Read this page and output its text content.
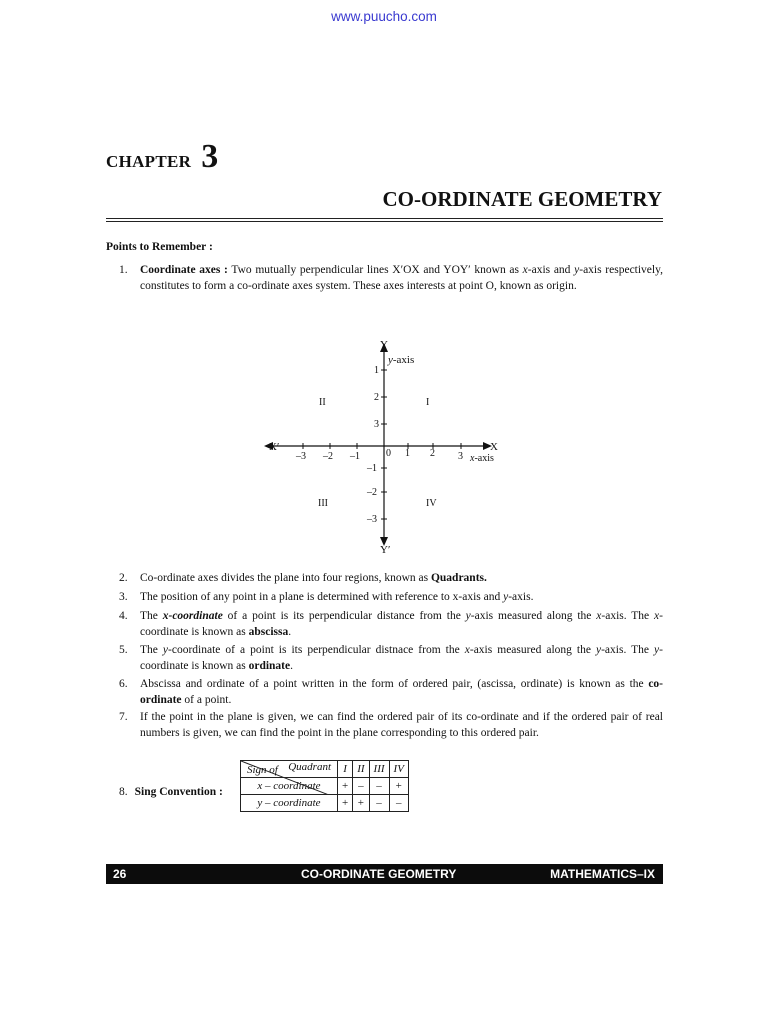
www.puucho.com
CHAPTER 3
CO-ORDINATE GEOMETRY
Points to Remember :
1. Coordinate axes : Two mutually perpendicular lines X′OX and YOY′ known as x-axis and y-axis respectively, constitutes to form a co-ordinate axes system. These axes interests at point O, known as origin.
Y
Y′
X
X′
y-axis
x-axis
0
II	I
III	IV
–3 –2 –1	1 2 3
1
2
3
–1
–2
–3
2. Co-ordinate axes divides the plane into four regions, known as Quadrants.
3. The position of any point in a plane is determined with reference to x-axis and y-axis.
4. The x-coordinate of a point is its perpendicular distance from the y-axis measured along the x-axis. The x-coordinate is known as abscissa.
5. The y-coordinate of a point is its perpendicular distnace from the x-axis measured along the y-axis. The y-coordinate is known as ordinate.
6. Abscissa and ordinate of a point written in the form of ordered pair, (ascissa, ordinate) is known as the co-ordinate of a point.
7. If the point in the plane is given, we can find the ordered pair of its co-ordinate and if the ordered pair of real numbers is given, we can find the point in the plane corresponding to this ordered pair.
8. Sing Convention :
Quadrant
Sign of	I	II	III	IV
x – coordinate	+	–	–	+
y – coordinate	+	+	–	–
26	CO-ORDINATE GEOMETRY	MATHEMATICS–IX
